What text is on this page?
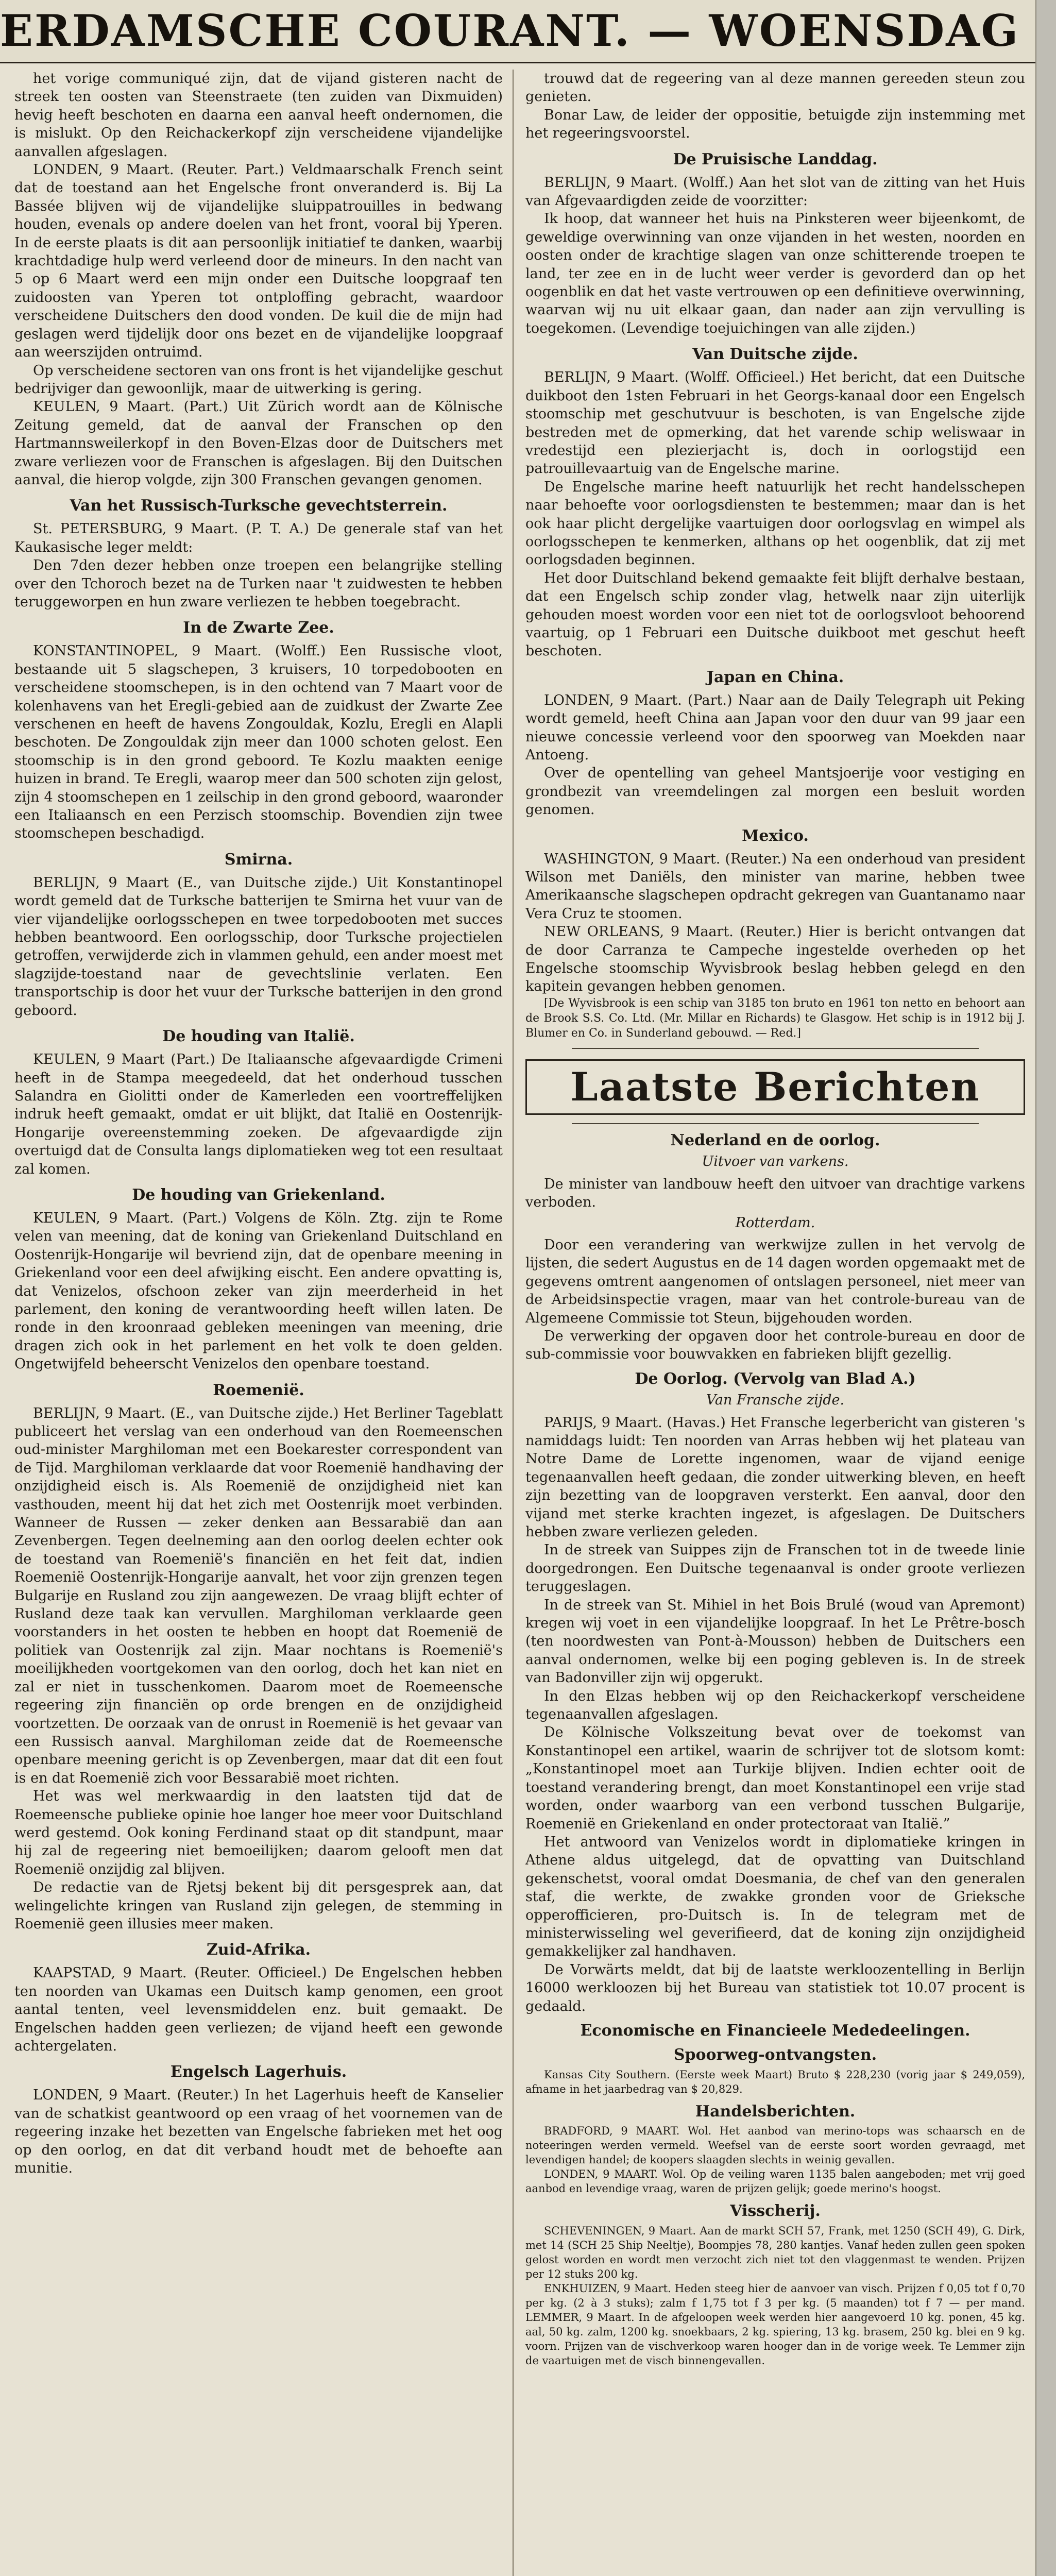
ERDAMSCHE COURANT. — WOENSDAG

het vorige communiqué zijn, dat de vijand gisteren nacht de streek ten oosten van Steenstraete (ten zuiden van Dixmuiden) hevig heeft beschoten en daarna een aanval heeft ondernomen, die is mislukt. Op den Reichackerkopf zijn verscheidene vijandelijke aanvallen afgeslagen.

LONDEN, 9 Maart. (Reuter. Part.) Veldmaarschalk French seint dat de toestand aan het Engelsche front onveranderd is. Bij La Bassée blijven wij de vijandelijke sluippatrouilles in bedwang houden, evenals op andere doelen van het front, vooral bij Yperen. In de eerste plaats is dit aan persoonlijk initiatief te danken, waarbij krachtdadige hulp werd verleend door de mineurs. In den nacht van 5 op 6 Maart werd een mijn onder een Duitsche loopgraaf ten zuidoosten van Yperen tot ontploffing gebracht, waardoor verscheidene Duitschers den dood vonden. De kuil die de mijn had geslagen werd tijdelijk door ons bezet en de vijandelijke loopgraaf aan weerszijden ontruimd.

Op verscheidene sectoren van ons front is het vijandelijke geschut bedrijviger dan gewoonlijk, maar de uitwerking is gering.

KEULEN, 9 Maart. (Part.) Uit Zürich wordt aan de Kölnische Zeitung gemeld, dat de aanval der Franschen op den Hartmannsweilerkopf in den Boven-Elzas door de Duitschers met zware verliezen voor de Franschen is afgeslagen. Bij den Duitschen aanval, die hierop volgde, zijn 300 Franschen gevangen genomen.

Van het Russisch-Turksche gevechtsterrein.

St. PETERSBURG, 9 Maart. (P. T. A.) De generale staf van het Kaukasische leger meldt:

Den 7den dezer hebben onze troepen een belangrijke stelling over den Tchoroch bezet na de Turken naar 't zuidwesten te hebben teruggeworpen en hun zware verliezen te hebben toegebracht.

In de Zwarte Zee.

KONSTANTINOPEL, 9 Maart. (Wolff.) Een Russische vloot, bestaande uit 5 slagschepen, 3 kruisers, 10 torpedobooten en verscheidene stoomschepen, is in den ochtend van 7 Maart voor de kolenhavens van het Eregli-gebied aan de zuidkust der Zwarte Zee verschenen en heeft de havens Zongouldak, Kozlu, Eregli en Alapli beschoten. De Zongouldak zijn meer dan 1000 schoten gelost. Een stoomschip is in den grond geboord. Te Kozlu maakten eenige huizen in brand. Te Eregli, waarop meer dan 500 schoten zijn gelost, zijn 4 stoomschepen en 1 zeilschip in den grond geboord, waaronder een Italiaansch en een Perzisch stoomschip. Bovendien zijn twee stoomschepen beschadigd.

Smirna.

BERLIJN, 9 Maart (E., van Duitsche zijde.) Uit Konstantinopel wordt gemeld dat de Turksche batterijen te Smirna het vuur van de vier vijandelijke oorlogsschepen en twee torpedobooten met succes hebben beantwoord. Een oorlogsschip, door Turksche projectielen getroffen, verwijderde zich in vlammen gehuld, een ander moest met slagzijde-toestand naar de gevechtslinie verlaten. Een transportschip is door het vuur der Turksche batterijen in den grond geboord.

De houding van Italië.

KEULEN, 9 Maart (Part.) De Italiaansche afgevaardigde Crimeni heeft in de Stampa meegedeeld, dat het onderhoud tusschen Salandra en Giolitti onder de Kamerleden een voortreffelijken indruk heeft gemaakt, omdat er uit blijkt, dat Italië en Oostenrijk-Hongarije overeenstemming zoeken. De afgevaardigde zijn overtuigd dat de Consulta langs diplomatieken weg tot een resultaat zal komen.

De houding van Griekenland.

KEULEN, 9 Maart. (Part.) Volgens de Köln. Ztg. zijn te Rome velen van meening, dat de koning van Griekenland Duitschland en Oostenrijk-Hongarije wil bevriend zijn, dat de openbare meening in Griekenland voor een deel afwijking eischt. Een andere opvatting is, dat Venizelos, ofschoon zeker van zijn meerderheid in het parlement, den koning de verantwoording heeft willen laten. De ronde in den kroonraad gebleken meeningen van meening, drie dragen zich ook in het parlement en het volk te doen gelden. Ongetwijfeld beheerscht Venizelos den openbare toestand.

Roemenië.

BERLIJN, 9 Maart. (E., van Duitsche zijde.) Het Berliner Tageblatt publiceert het verslag van een onderhoud van den Roemeenschen oud-minister Marghiloman met een Boekarester correspondent van de Tijd. Marghiloman verklaarde dat voor Roemenië handhaving der onzijdigheid eisch is. Als Roemenië de onzijdigheid niet kan vasthouden, meent hij dat het zich met Oostenrijk moet verbinden. Wanneer de Russen — zeker denken aan Bessarabië dan aan Zevenbergen. Tegen deelneming aan den oorlog deelen echter ook de toestand van Roemenië's financiën en het feit dat, indien Roemenië Oostenrijk-Hongarije aanvalt, het voor zijn grenzen tegen Bulgarije en Rusland zou zijn aangewezen. De vraag blijft echter of Rusland deze taak kan vervullen. Marghiloman verklaarde geen voorstanders in het oosten te hebben en hoopt dat Roemenië de politiek van Oostenrijk zal zijn. Maar nochtans is Roemenië's moeilijkheden voortgekomen van den oorlog, doch het kan niet en zal er niet in tusschenkomen. Daarom moet de Roemeensche regeering zijn financiën op orde brengen en de onzijdigheid voortzetten. De oorzaak van de onrust in Roemenië is het gevaar van een Russisch aanval. Marghiloman zeide dat de Roemeensche openbare meening gericht is op Zevenbergen, maar dat dit een fout is en dat Roemenië zich voor Bessarabië moet richten.

Het was wel merkwaardig in den laatsten tijd dat de Roemeensche publieke opinie hoe langer hoe meer voor Duitschland werd gestemd. Ook koning Ferdinand staat op dit standpunt, maar hij zal de regeering niet bemoeilijken; daarom gelooft men dat Roemenië onzijdig zal blijven.

De redactie van de Rjetsj bekent bij dit persgesprek aan, dat welingelichte kringen van Rusland zijn gelegen, de stemming in Roemenië geen illusies meer maken.

Zuid-Afrika.

KAAPSTAD, 9 Maart. (Reuter. Officieel.) De Engelschen hebben ten noorden van Ukamas een Duitsch kamp genomen, een groot aantal tenten, veel levensmiddelen enz. buit gemaakt. De Engelschen hadden geen verliezen; de vijand heeft een gewonde achtergelaten.

Engelsch Lagerhuis.

LONDEN, 9 Maart. (Reuter.) In het Lagerhuis heeft de Kanselier van de schatkist geantwoord op een vraag of het voornemen van de regeering inzake het bezetten van Engelsche fabrieken met het oog op den oorlog, en dat dit verband houdt met de behoefte aan munitie.

trouwd dat de regeering van al deze mannen gereeden steun zou genieten.

Bonar Law, de leider der oppositie, betuigde zijn instemming met het regeeringsvoorstel.

De Pruisische Landdag.

BERLIJN, 9 Maart. (Wolff.) Aan het slot van de zitting van het Huis van Afgevaardigden zeide de voorzitter:

Ik hoop, dat wanneer het huis na Pinksteren weer bijeenkomt, de geweldige overwinning van onze vijanden in het westen, noorden en oosten onder de krachtige slagen van onze schitterende troepen te land, ter zee en in de lucht weer verder is gevorderd dan op het oogenblik en dat het vaste vertrouwen op een definitieve overwinning, waarvan wij nu uit elkaar gaan, dan nader aan zijn vervulling is toegekomen. (Levendige toejuichingen van alle zijden.)

Van Duitsche zijde.

BERLIJN, 9 Maart. (Wolff. Officieel.) Het bericht, dat een Duitsche duikboot den 1sten Februari in het Georgs-kanaal door een Engelsch stoomschip met geschutvuur is beschoten, is van Engelsche zijde bestreden met de opmerking, dat het varende schip weliswaar in vredestijd een plezierjacht is, doch in oorlogstijd een patrouillevaartuig van de Engelsche marine.

De Engelsche marine heeft natuurlijk het recht handelsschepen naar behoefte voor oorlogsdiensten te bestemmen; maar dan is het ook haar plicht dergelijke vaartuigen door oorlogsvlag en wimpel als oorlogsschepen te kenmerken, althans op het oogenblik, dat zij met oorlogsdaden beginnen.

Het door Duitschland bekend gemaakte feit blijft derhalve bestaan, dat een Engelsch schip zonder vlag, hetwelk naar zijn uiterlijk gehouden moest worden voor een niet tot de oorlogsvloot behoorend vaartuig, op 1 Februari een Duitsche duikboot met geschut heeft beschoten.

Japan en China.

LONDEN, 9 Maart. (Part.) Naar aan de Daily Telegraph uit Peking wordt gemeld, heeft China aan Japan voor den duur van 99 jaar een nieuwe concessie verleend voor den spoorweg van Moekden naar Antoeng.

Over de opentelling van geheel Mantsjoerije voor vestiging en grondbezit van vreemdelingen zal morgen een besluit worden genomen.

Mexico.

WASHINGTON, 9 Maart. (Reuter.) Na een onderhoud van president Wilson met Daniëls, den minister van marine, hebben twee Amerikaansche slagschepen opdracht gekregen van Guantanamo naar Vera Cruz te stoomen.

NEW ORLEANS, 9 Maart. (Reuter.) Hier is bericht ontvangen dat de door Carranza te Campeche ingestelde overheden op het Engelsche stoomschip Wyvisbrook beslag hebben gelegd en den kapitein gevangen hebben genomen.

[De Wyvisbrook is een schip van 3185 ton bruto en 1961 ton netto en behoort aan de Brook S.S. Co. Ltd. (Mr. Millar en Richards) te Glasgow. Het schip is in 1912 bij J. Blumer en Co. in Sunderland gebouwd. — Red.]

Laatste Berichten
Nederland en de oorlog.
Uitvoer van varkens.

De minister van landbouw heeft den uitvoer van drachtige varkens verboden.

Rotterdam.

Door een verandering van werkwijze zullen in het vervolg de lijsten, die sedert Augustus en de 14 dagen worden opgemaakt met de gegevens omtrent aangenomen of ontslagen personeel, niet meer van de Arbeidsinspectie vragen, maar van het controle-bureau van de Algemeene Commissie tot Steun, bijgehouden worden.

De verwerking der opgaven door het controle-bureau en door de sub-commissie voor bouwvakken en fabrieken blijft gezellig.

De Oorlog. (Vervolg van Blad A.)
Van Fransche zijde.

PARIJS, 9 Maart. (Havas.) Het Fransche legerbericht van gisteren 's namiddags luidt: Ten noorden van Arras hebben wij het plateau van Notre Dame de Lorette ingenomen, waar de vijand eenige tegenaanvallen heeft gedaan, die zonder uitwerking bleven, en heeft zijn bezetting van de loopgraven versterkt. Een aanval, door den vijand met sterke krachten ingezet, is afgeslagen. De Duitschers hebben zware verliezen geleden.

In de streek van Suippes zijn de Franschen tot in de tweede linie doorgedrongen. Een Duitsche tegenaanval is onder groote verliezen teruggeslagen.

In de streek van St. Mihiel in het Bois Brulé (woud van Apremont) kregen wij voet in een vijandelijke loopgraaf. In het Le Prêtre-bosch (ten noordwesten van Pont-à-Mousson) hebben de Duitschers een aanval ondernomen, welke bij een poging gebleven is. In de streek van Badonviller zijn wij opgerukt.

In den Elzas hebben wij op den Reichackerkopf verscheidene tegenaanvallen afgeslagen.

De Kölnische Volkszeitung bevat over de toekomst van Konstantinopel een artikel, waarin de schrijver tot de slotsom komt: „Konstantinopel moet aan Turkije blijven. Indien echter ooit de toestand verandering brengt, dan moet Konstantinopel een vrije stad worden, onder waarborg van een verbond tusschen Bulgarije, Roemenië en Griekenland en onder protectoraat van Italië.”

Het antwoord van Venizelos wordt in diplomatieke kringen in Athene aldus uitgelegd, dat de opvatting van Duitschland gekenschetst, vooral omdat Doesmania, de chef van den generalen staf, die werkte, de zwakke gronden voor de Grieksche opperofficieren, pro-Duitsch is. In de telegram met de ministerwisseling wel geverifieerd, dat de koning zijn onzijdigheid gemakkelijker zal handhaven.

De Vorwärts meldt, dat bij de laatste werkloozentelling in Berlijn 16000 werkloozen bij het Bureau van statistiek tot 10.07 procent is gedaald.

Economische en Financieele Mededeelingen.
Spoorweg-ontvangsten.

Kansas City Southern. (Eerste week Maart) Bruto $ 228,230 (vorig jaar $ 249,059), afname in het jaarbedrag van $ 20,829.

Handelsberichten.

BRADFORD, 9 MAART. Wol. Het aanbod van merino-tops was schaarsch en de noteeringen werden vermeld. Weefsel van de eerste soort worden gevraagd, met levendigen handel; de koopers slaagden slechts in weinig gevallen.

LONDEN, 9 MAART. Wol. Op de veiling waren 1135 balen aangeboden; met vrij goed aanbod en levendige vraag, waren de prijzen gelijk; goede merino's hoogst.

Visscherij.

SCHEVENINGEN, 9 Maart. Aan de markt SCH 57, Frank, met 1250 (SCH 49), G. Dirk, met 14 (SCH 25 Ship Neeltje), Boompjes 78, 280 kantjes. Vanaf heden zullen geen spoken gelost worden en wordt men verzocht zich niet tot den vlaggenmast te wenden. Prijzen per 12 stuks 200 kg.

ENKHUIZEN, 9 Maart. Heden steeg hier de aanvoer van visch. Prijzen f 0,05 tot f 0,70 per kg. (2 à 3 stuks); zalm f 1,75 tot f 3 per kg. (5 maanden) tot f 7 — per mand. LEMMER, 9 Maart. In de afgeloopen week werden hier aangevoerd 10 kg. ponen, 45 kg. aal, 50 kg. zalm, 1200 kg. snoekbaars, 2 kg. spiering, 13 kg. brasem, 250 kg. blei en 9 kg. voorn. Prijzen van de vischverkoop waren hooger dan in de vorige week. Te Lemmer zijn de vaartuigen met de visch binnengevallen.
